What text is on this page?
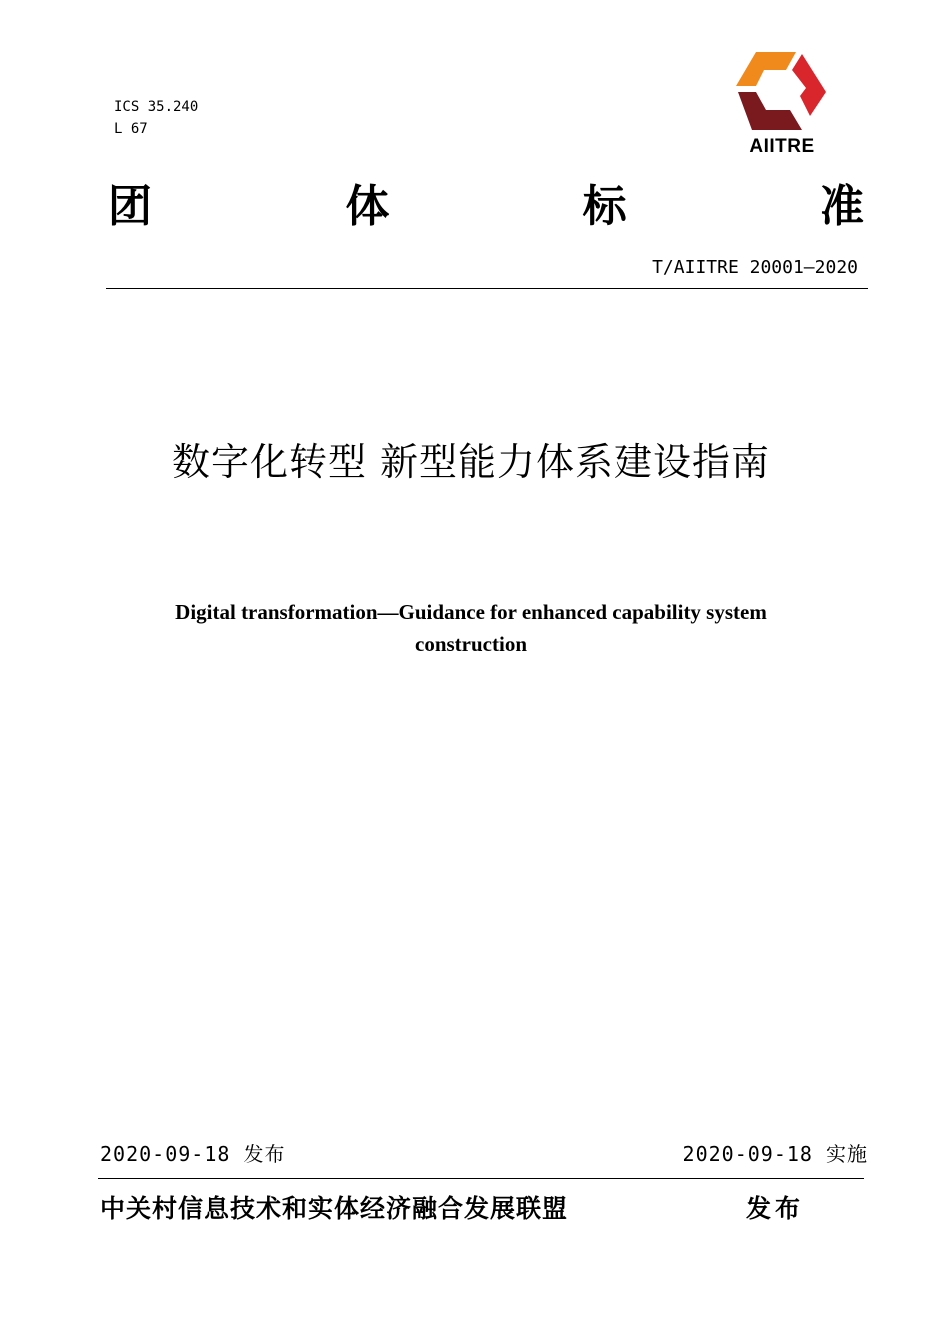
ICS 35.240
L 67
AIITRE
团	体	标	准
T/AIITRE 20001—2020
数字化转型 新型能力体系建设指南
Digital transformation—Guidance for enhanced capability system
construction
2020-09-18 发布	2020-09-18 实施
中关村信息技术和实体经济融合发展联盟	发布
